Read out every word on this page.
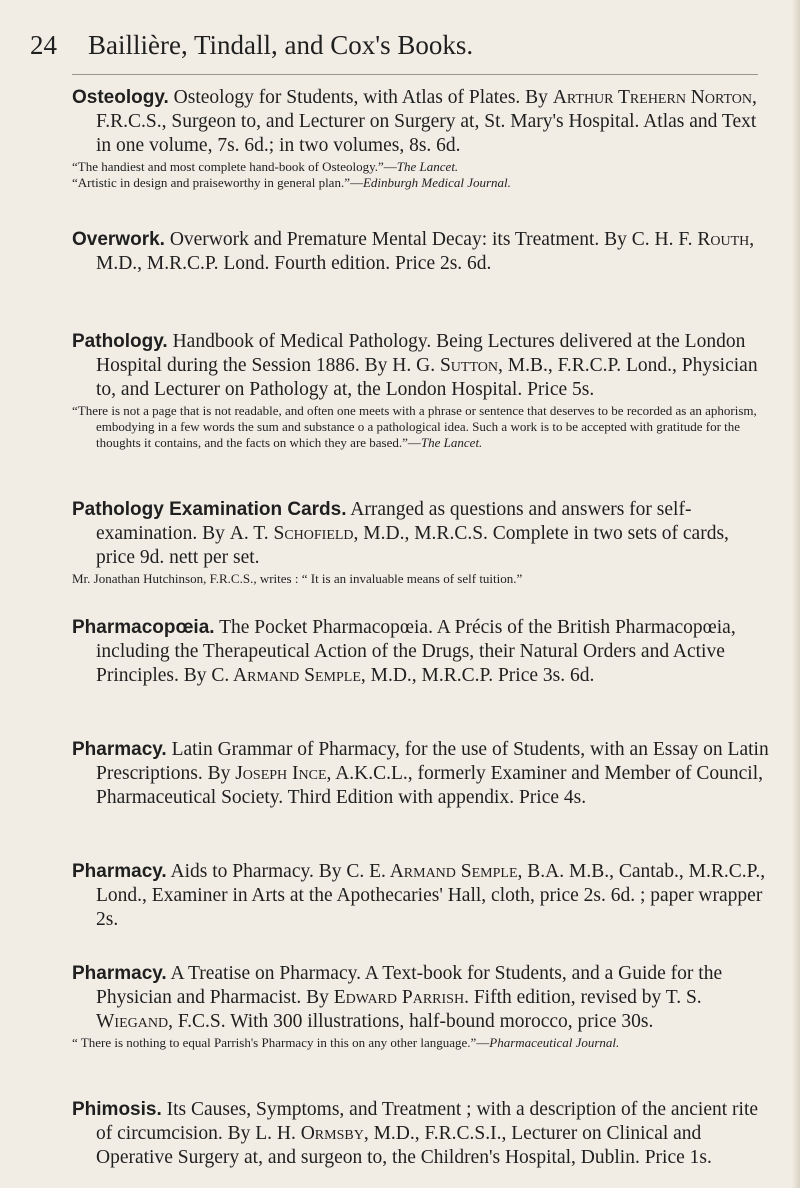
24 Baillière, Tindall, and Cox's Books.
Osteology. Osteology for Students, with Atlas of Plates. By Arthur Trehern Norton, F.R.C.S., Surgeon to, and Lecturer on Surgery at, St. Mary's Hospital. Atlas and Text in one volume, 7s. 6d.; in two volumes, 8s. 6d.
“The handiest and most complete hand-book of Osteology.”—The Lancet.
“Artistic in design and praiseworthy in general plan.”—Edinburgh Medical Journal.
Overwork. Overwork and Premature Mental Decay: its Treatment. By C. H. F. Routh, M.D., M.R.C.P. Lond. Fourth edition. Price 2s. 6d.
Pathology. Handbook of Medical Pathology. Being Lectures delivered at the London Hospital during the Session 1886. By H. G. Sutton, M.B., F.R.C.P. Lond., Physician to, and Lecturer on Pathology at, the London Hospital. Price 5s.
“There is not a page that is not readable, and often one meets with a phrase or sentence that deserves to be recorded as an aphorism, embodying in a few words the sum and substance o a pathological idea. Such a work is to be accepted with gratitude for the thoughts it contains, and the facts on which they are based.”—The Lancet.
Pathology Examination Cards. Arranged as questions and answers for self-examination. By A. T. Schofield, M.D., M.R.C.S. Complete in two sets of cards, price 9d. nett per set.
Mr. Jonathan Hutchinson, F.R.C.S., writes : “ It is an invaluable means of self tuition.”
Pharmacopœia. The Pocket Pharmacopœia. A Précis of the British Pharmacopœia, including the Therapeutical Action of the Drugs, their Natural Orders and Active Principles. By C. Armand Semple, M.D., M.R.C.P. Price 3s. 6d.
Pharmacy. Latin Grammar of Pharmacy, for the use of Students, with an Essay on Latin Prescriptions. By Joseph Ince, A.K.C.L., formerly Examiner and Member of Council, Pharmaceutical Society. Third Edition with appendix. Price 4s.
Pharmacy. Aids to Pharmacy. By C. E. Armand Semple, B.A. M.B., Cantab., M.R.C.P., Lond., Examiner in Arts at the Apothecaries' Hall, cloth, price 2s. 6d. ; paper wrapper 2s.
Pharmacy. A Treatise on Pharmacy. A Text-book for Students, and a Guide for the Physician and Pharmacist. By Edward Parrish. Fifth edition, revised by T. S. Wiegand, F.C.S. With 300 illustrations, half-bound morocco, price 30s.
“ There is nothing to equal Parrish's Pharmacy in this on any other language.”—Pharmaceutical Journal.
Phimosis. Its Causes, Symptoms, and Treatment ; with a description of the ancient rite of circumcision. By L. H. Ormsby, M.D., F.R.C.S.I., Lecturer on Clinical and Operative Surgery at, and surgeon to, the Children's Hospital, Dublin. Price 1s.
